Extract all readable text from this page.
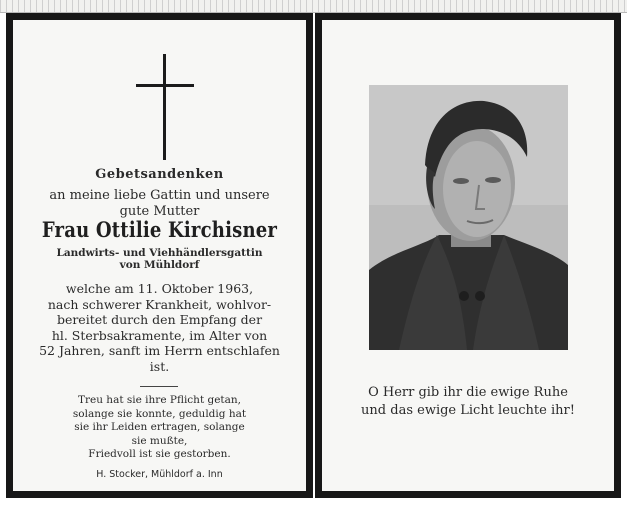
Gebetsandenken
an meine liebe Gattin und unsere
gute Mutter
Frau Ottilie Kirchisner
Landwirts- und Viehhändlersgattin
von Mühldorf
welche am 11. Oktober 1963,
nach schwerer Krankheit, wohlvor-
bereitet durch den Empfang der
hl. Sterbsakramente, im Alter von
52 Jahren, sanft im Herrn entschlafen
ist.
Treu hat sie ihre Pflicht getan,
solange sie konnte, geduldig hat
sie ihr Leiden ertragen, solange
sie mußte,
Friedvoll ist sie gestorben.
H. Stocker, Mühldorf a. Inn
O Herr gib ihr die ewige Ruhe
und das ewige Licht leuchte ihr!
